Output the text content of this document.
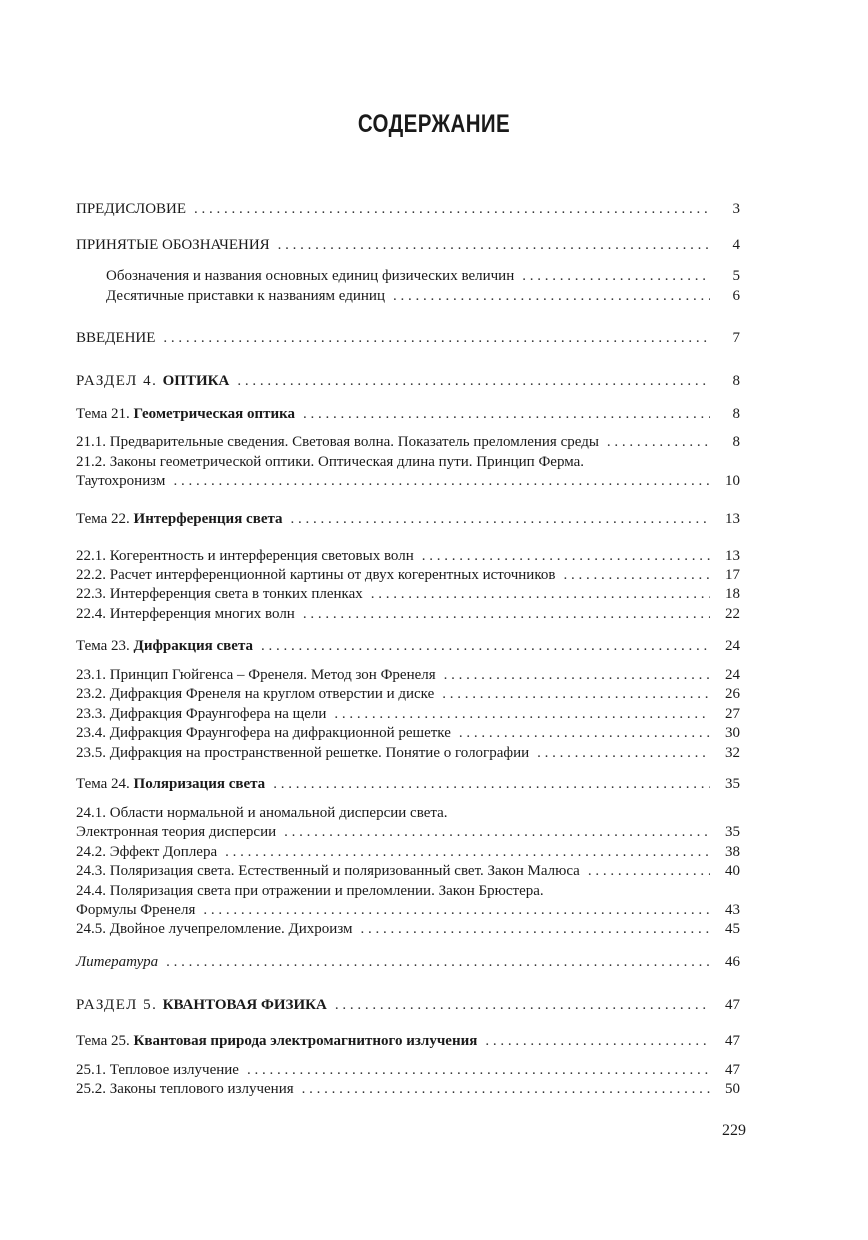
СОДЕРЖАНИЕ
ПРЕДИСЛОВИЕ . . .	3
ПРИНЯТЫЕ ОБОЗНАЧЕНИЯ . . .	4
Обозначения и названия основных единиц физических величин . . .	5
Десятичные приставки к названиям единиц . . .	6
ВВЕДЕНИЕ . . .	7
РАЗДЕЛ 4. ОПТИКА . . .	8
Тема 21. Геометрическая оптика . . .	8
21.1. Предварительные сведения. Световая волна. Показатель преломления среды . . .	8
21.2. Законы геометрической оптики. Оптическая длина пути. Принцип Ферма.
Таутохронизм . . .	10
Тема 22. Интерференция света . . .	13
22.1. Когерентность и интерференция световых волн . . .	13
22.2. Расчет интерференционной картины от двух когерентных источников . . .	17
22.3. Интерференция света в тонких пленках . . .	18
22.4. Интерференция многих волн . . .	22
Тема 23. Дифракция света . . .	24
23.1. Принцип Гюйгенса – Френеля. Метод зон Френеля . . .	24
23.2. Дифракция Френеля на круглом отверстии и диске . . .	26
23.3. Дифракция Фраунгофера на щели . . .	27
23.4. Дифракция Фраунгофера на дифракционной решетке . . .	30
23.5. Дифракция на пространственной решетке. Понятие о голографии . . .	32
Тема 24. Поляризация света . . .	35
24.1. Области нормальной и аномальной дисперсии света.
Электронная теория дисперсии . . .	35
24.2. Эффект Доплера . . .	38
24.3. Поляризация света. Естественный и поляризованный свет. Закон Малюса . . .	40
24.4. Поляризация света при отражении и преломлении. Закон Брюстера.
Формулы Френеля . . .	43
24.5. Двойное лучепреломление. Дихроизм . . .	45
Литература . . .	46
РАЗДЕЛ 5. КВАНТОВАЯ ФИЗИКА . . .	47
Тема 25. Квантовая природа электромагнитного излучения . . .	47
25.1. Тепловое излучение . . .	47
25.2. Законы теплового излучения . . .	50
229
